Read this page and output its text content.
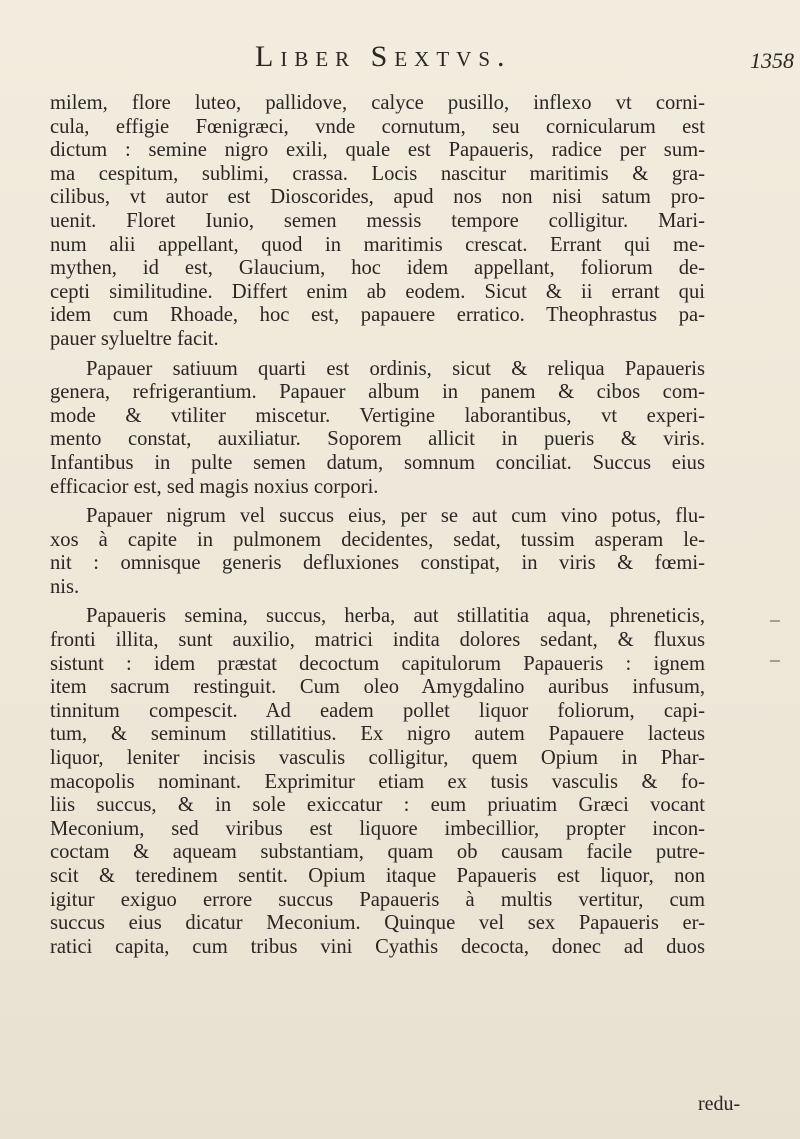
Liber Sextvs.	1358
milem, flore luteo, pallidove, calyce pusillo, inflexo vt corni-
cula, effigie Fœnigræci, vnde cornutum, seu cornicularum est
dictum : semine nigro exili, quale est Papaueris, radice per sum-
ma cespitum, sublimi, crassa. Locis nascitur maritimis & gra-
cilibus, vt autor est Dioscorides, apud nos non nisi satum pro-
uenit. Floret Iunio, semen messis tempore colligitur. Mari-
num alii appellant, quod in maritimis crescat. Errant qui me-
mythen, id est, Glaucium, hoc idem appellant, foliorum de-
cepti similitudine. Differt enim ab eodem. Sicut & ii errant qui
idem cum Rhoade, hoc est, papauere erratico. Theophrastus pa-
pauer sylueltre facit.
Papauer satiuum quarti est ordinis, sicut & reliqua Papaueris
genera, refrigerantium. Papauer album in panem & cibos com-
mode & vtiliter miscetur. Vertigine laborantibus, vt experi-
mento constat, auxiliatur. Soporem allicit in pueris & viris.
Infantibus in pulte semen datum, somnum conciliat. Succus eius
efficacior est, sed magis noxius corpori.
Papauer nigrum vel succus eius, per se aut cum vino potus, flu-
xos à capite in pulmonem decidentes, sedat, tussim asperam le-
nit : omnisque generis defluxiones constipat, in viris & fœmi-
nis.
Papaueris semina, succus, herba, aut stillatitia aqua, phreneticis,
fronti illita, sunt auxilio, matrici indita dolores sedant, & fluxus
sistunt : idem præstat decoctum capitulorum Papaueris : ignem
item sacrum restinguit. Cum oleo Amygdalino auribus infusum,
tinnitum compescit. Ad eadem pollet liquor foliorum, capi-
tum, & seminum stillatitius. Ex nigro autem Papauere lacteus
liquor, leniter incisis vasculis colligitur, quem Opium in Phar-
macopolis nominant. Exprimitur etiam ex tusis vasculis & fo-
liis succus, & in sole exiccatur : eum priuatim Græci vocant
Meconium, sed viribus est liquore imbecillior, propter incon-
coctam & aqueam substantiam, quam ob causam facile putre-
scit & teredinem sentit. Opium itaque Papaueris est liquor, non
igitur exiguo errore succus Papaueris à multis vertitur, cum
succus eius dicatur Meconium. Quinque vel sex Papaueris er-
ratici capita, cum tribus vini Cyathis decocta, donec ad duos
redu-
